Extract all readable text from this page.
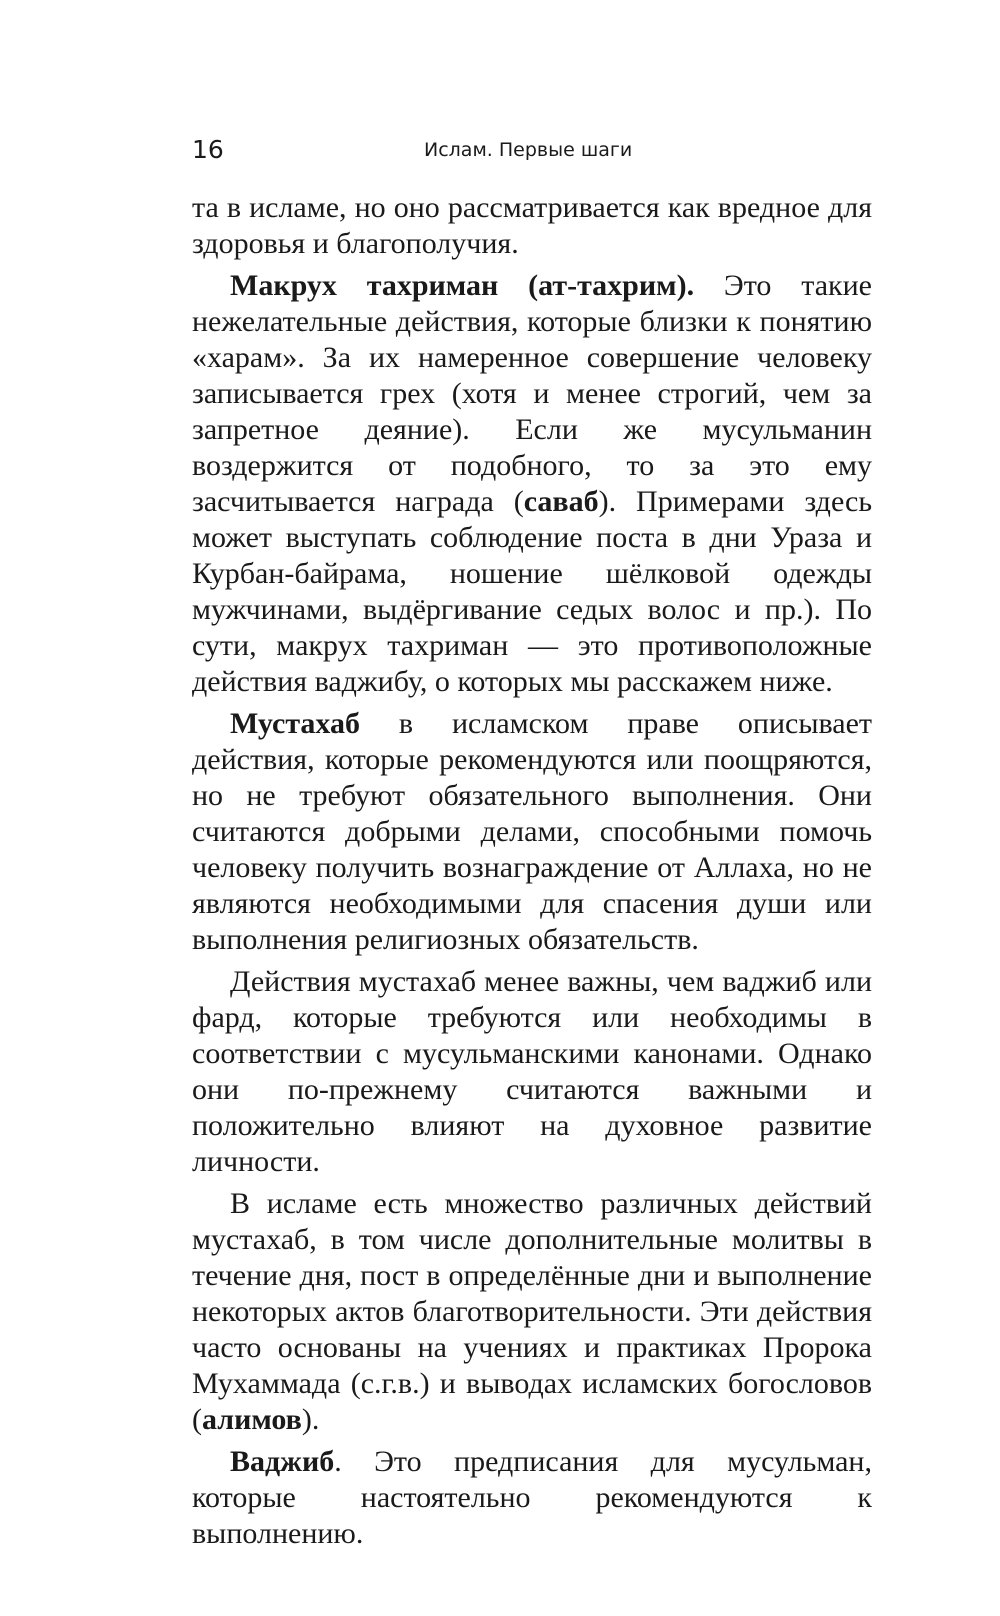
16	Ислам. Первые шаги

та в исламе, но оно рассматривается как вредное для здоровья и благополучия.

Макрух тахриман (ат-тахрим). Это такие нежелательные действия, которые близки к понятию «харам». За их намеренное совершение человеку записывается грех (хотя и менее строгий, чем за запретное деяние). Если же мусульманин воздержится от подобного, то за это ему засчитывается награда (саваб). Примерами здесь может выступать соблюдение поста в дни Ураза и Курбан-байрама, ношение шёлковой одежды мужчинами, выдёргивание седых волос и пр.). По сути, макрух тахриман — это противоположные действия ваджибу, о которых мы расскажем ниже.

Мустахаб в исламском праве описывает действия, которые рекомендуются или поощряются, но не требуют обязательного выполнения. Они считаются добрыми делами, способными помочь человеку получить вознаграждение от Аллаха, но не являются необходимыми для спасения души или выполнения религиозных обязательств.

Действия мустахаб менее важны, чем ваджиб или фард, которые требуются или необходимы в соответствии с мусульманскими канонами. Однако они по-прежнему считаются важными и положительно влияют на духовное развитие личности.

В исламе есть множество различных действий мустахаб, в том числе дополнительные молитвы в течение дня, пост в определённые дни и выполнение некоторых актов благотворительности. Эти действия часто основаны на учениях и практиках Пророка Мухаммада (с.г.в.) и выводах исламских богословов (алимов).

Ваджиб. Это предписания для мусульман, которые настоятельно рекомендуются к выполнению.
